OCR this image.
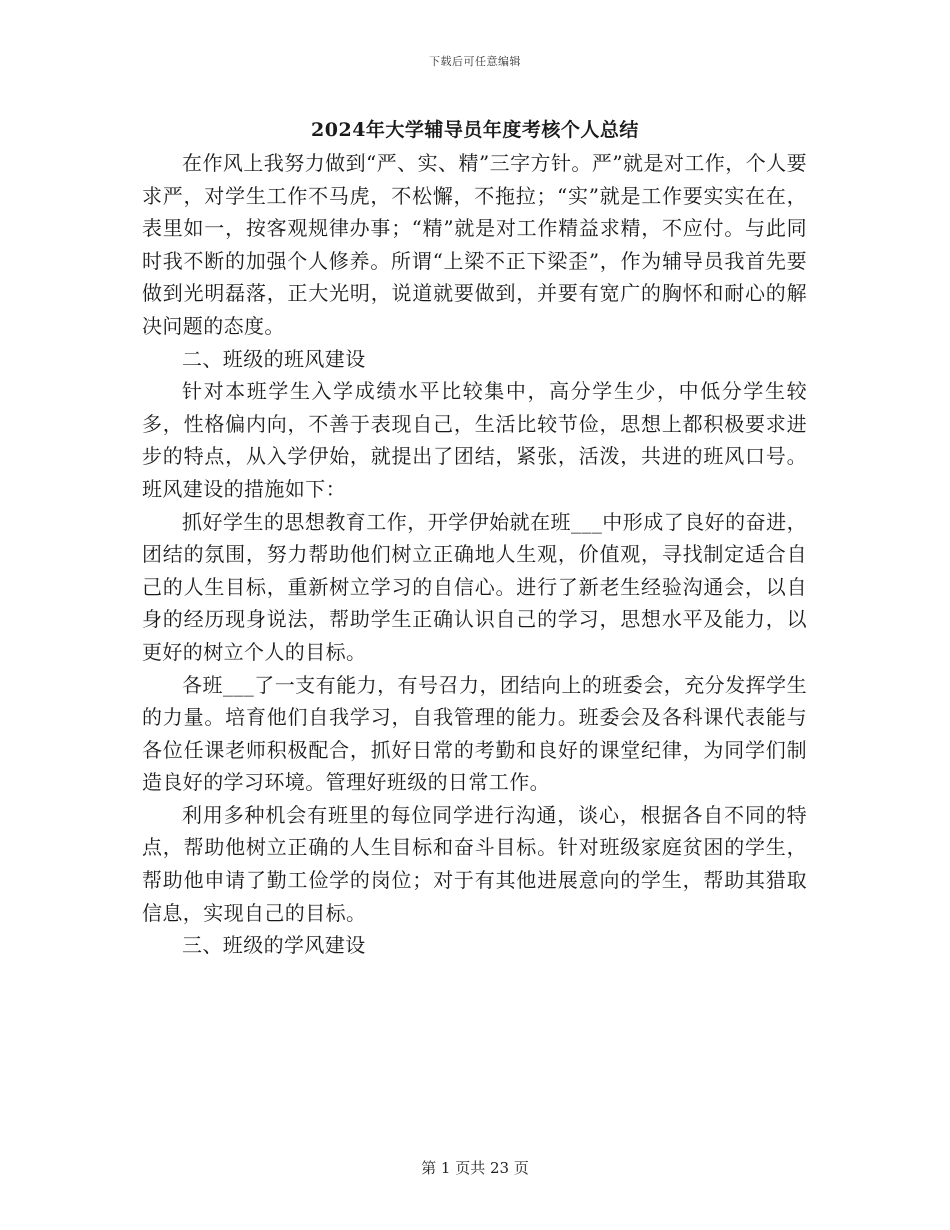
下载后可任意编辑
2024年大学辅导员年度考核个人总结

在作风上我努力做到“严、实、精”三字方针。严”就是对工作，个人要求严，对学生工作不马虎，不松懈，不拖拉；“实”就是工作要实实在在，表里如一，按客观规律办事；“精”就是对工作精益求精，不应付。与此同时我不断的加强个人修养。所谓“上梁不正下梁歪”，作为辅导员我首先要做到光明磊落，正大光明，说道就要做到，并要有宽广的胸怀和耐心的解决问题的态度。

二、班级的班风建设

针对本班学生入学成绩水平比较集中，高分学生少，中低分学生较多，性格偏内向，不善于表现自己，生活比较节俭，思想上都积极要求进步的特点，从入学伊始，就提出了团结，紧张，活泼，共进的班风口号。班风建设的措施如下：

抓好学生的思想教育工作，开学伊始就在班___中形成了良好的奋进，团结的氛围，努力帮助他们树立正确地人生观，价值观，寻找制定适合自己的人生目标，重新树立学习的自信心。进行了新老生经验沟通会，以自身的经历现身说法，帮助学生正确认识自己的学习，思想水平及能力，以更好的树立个人的目标。

各班___了一支有能力，有号召力，团结向上的班委会，充分发挥学生的力量。培育他们自我学习，自我管理的能力。班委会及各科课代表能与各位任课老师积极配合，抓好日常的考勤和良好的课堂纪律，为同学们制造良好的学习环境。管理好班级的日常工作。

利用多种机会有班里的每位同学进行沟通，谈心，根据各自不同的特点，帮助他树立正确的人生目标和奋斗目标。针对班级家庭贫困的学生，帮助他申请了勤工俭学的岗位；对于有其他进展意向的学生，帮助其猎取信息，实现自己的目标。

三、班级的学风建设

第 1 页共 23 页
